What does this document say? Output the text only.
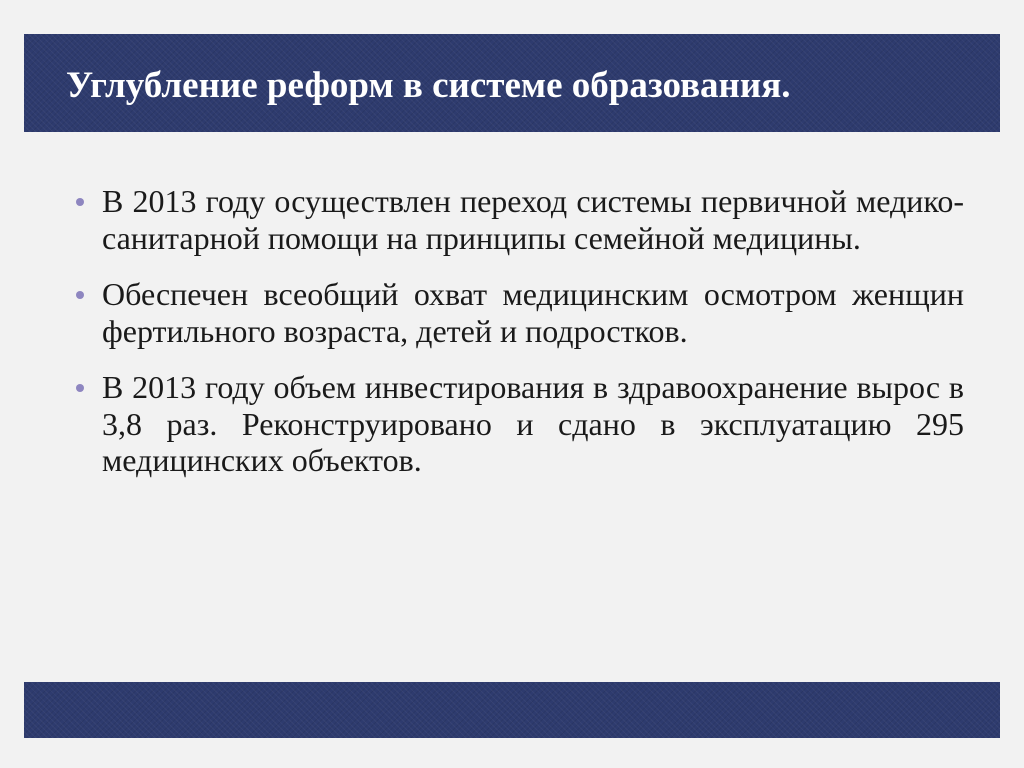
Углубление реформ в системе образования.
В 2013 году осуществлен переход системы первичной медико-санитарной помощи на принципы семейной медицины.
Обеспечен всеобщий охват медицинским осмотром женщин фертильного возраста, детей и подростков.
В 2013 году объем инвестирования в здравоохранение вырос в 3,8 раз. Реконструировано и сдано в эксплуатацию 295 медицинских объектов.
